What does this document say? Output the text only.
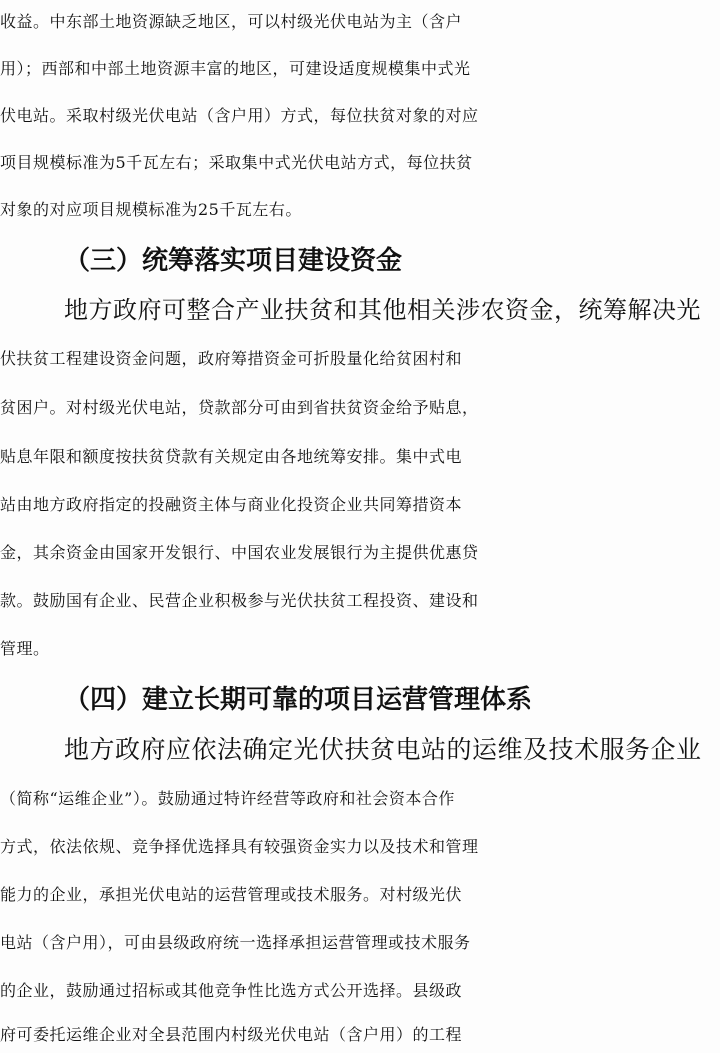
收益。中东部土地资源缺乏地区，可以村级光伏电站为主（含户
用）；西部和中部土地资源丰富的地区，可建设适度规模集中式光
伏电站。采取村级光伏电站（含户用）方式，每位扶贫对象的对应
项目规模标准为5千瓦左右；采取集中式光伏电站方式，每位扶贫
对象的对应项目规模标准为25千瓦左右。
（三）统筹落实项目建设资金
地方政府可整合产业扶贫和其他相关涉农资金，统筹解决光
伏扶贫工程建设资金问题，政府筹措资金可折股量化给贫困村和
贫困户。对村级光伏电站，贷款部分可由到省扶贫资金给予贴息，
贴息年限和额度按扶贫贷款有关规定由各地统筹安排。集中式电
站由地方政府指定的投融资主体与商业化投资企业共同筹措资本
金，其余资金由国家开发银行、中国农业发展银行为主提供优惠贷
款。鼓励国有企业、民营企业积极参与光伏扶贫工程投资、建设和
管理。
（四）建立长期可靠的项目运营管理体系
地方政府应依法确定光伏扶贫电站的运维及技术服务企业
（简称“运维企业”）。鼓励通过特许经营等政府和社会资本合作
方式，依法依规、竞争择优选择具有较强资金实力以及技术和管理
能力的企业，承担光伏电站的运营管理或技术服务。对村级光伏
电站（含户用），可由县级政府统一选择承担运营管理或技术服务
的企业，鼓励通过招标或其他竞争性比选方式公开选择。县级政
府可委托运维企业对全县范围内村级光伏电站（含户用）的工程
